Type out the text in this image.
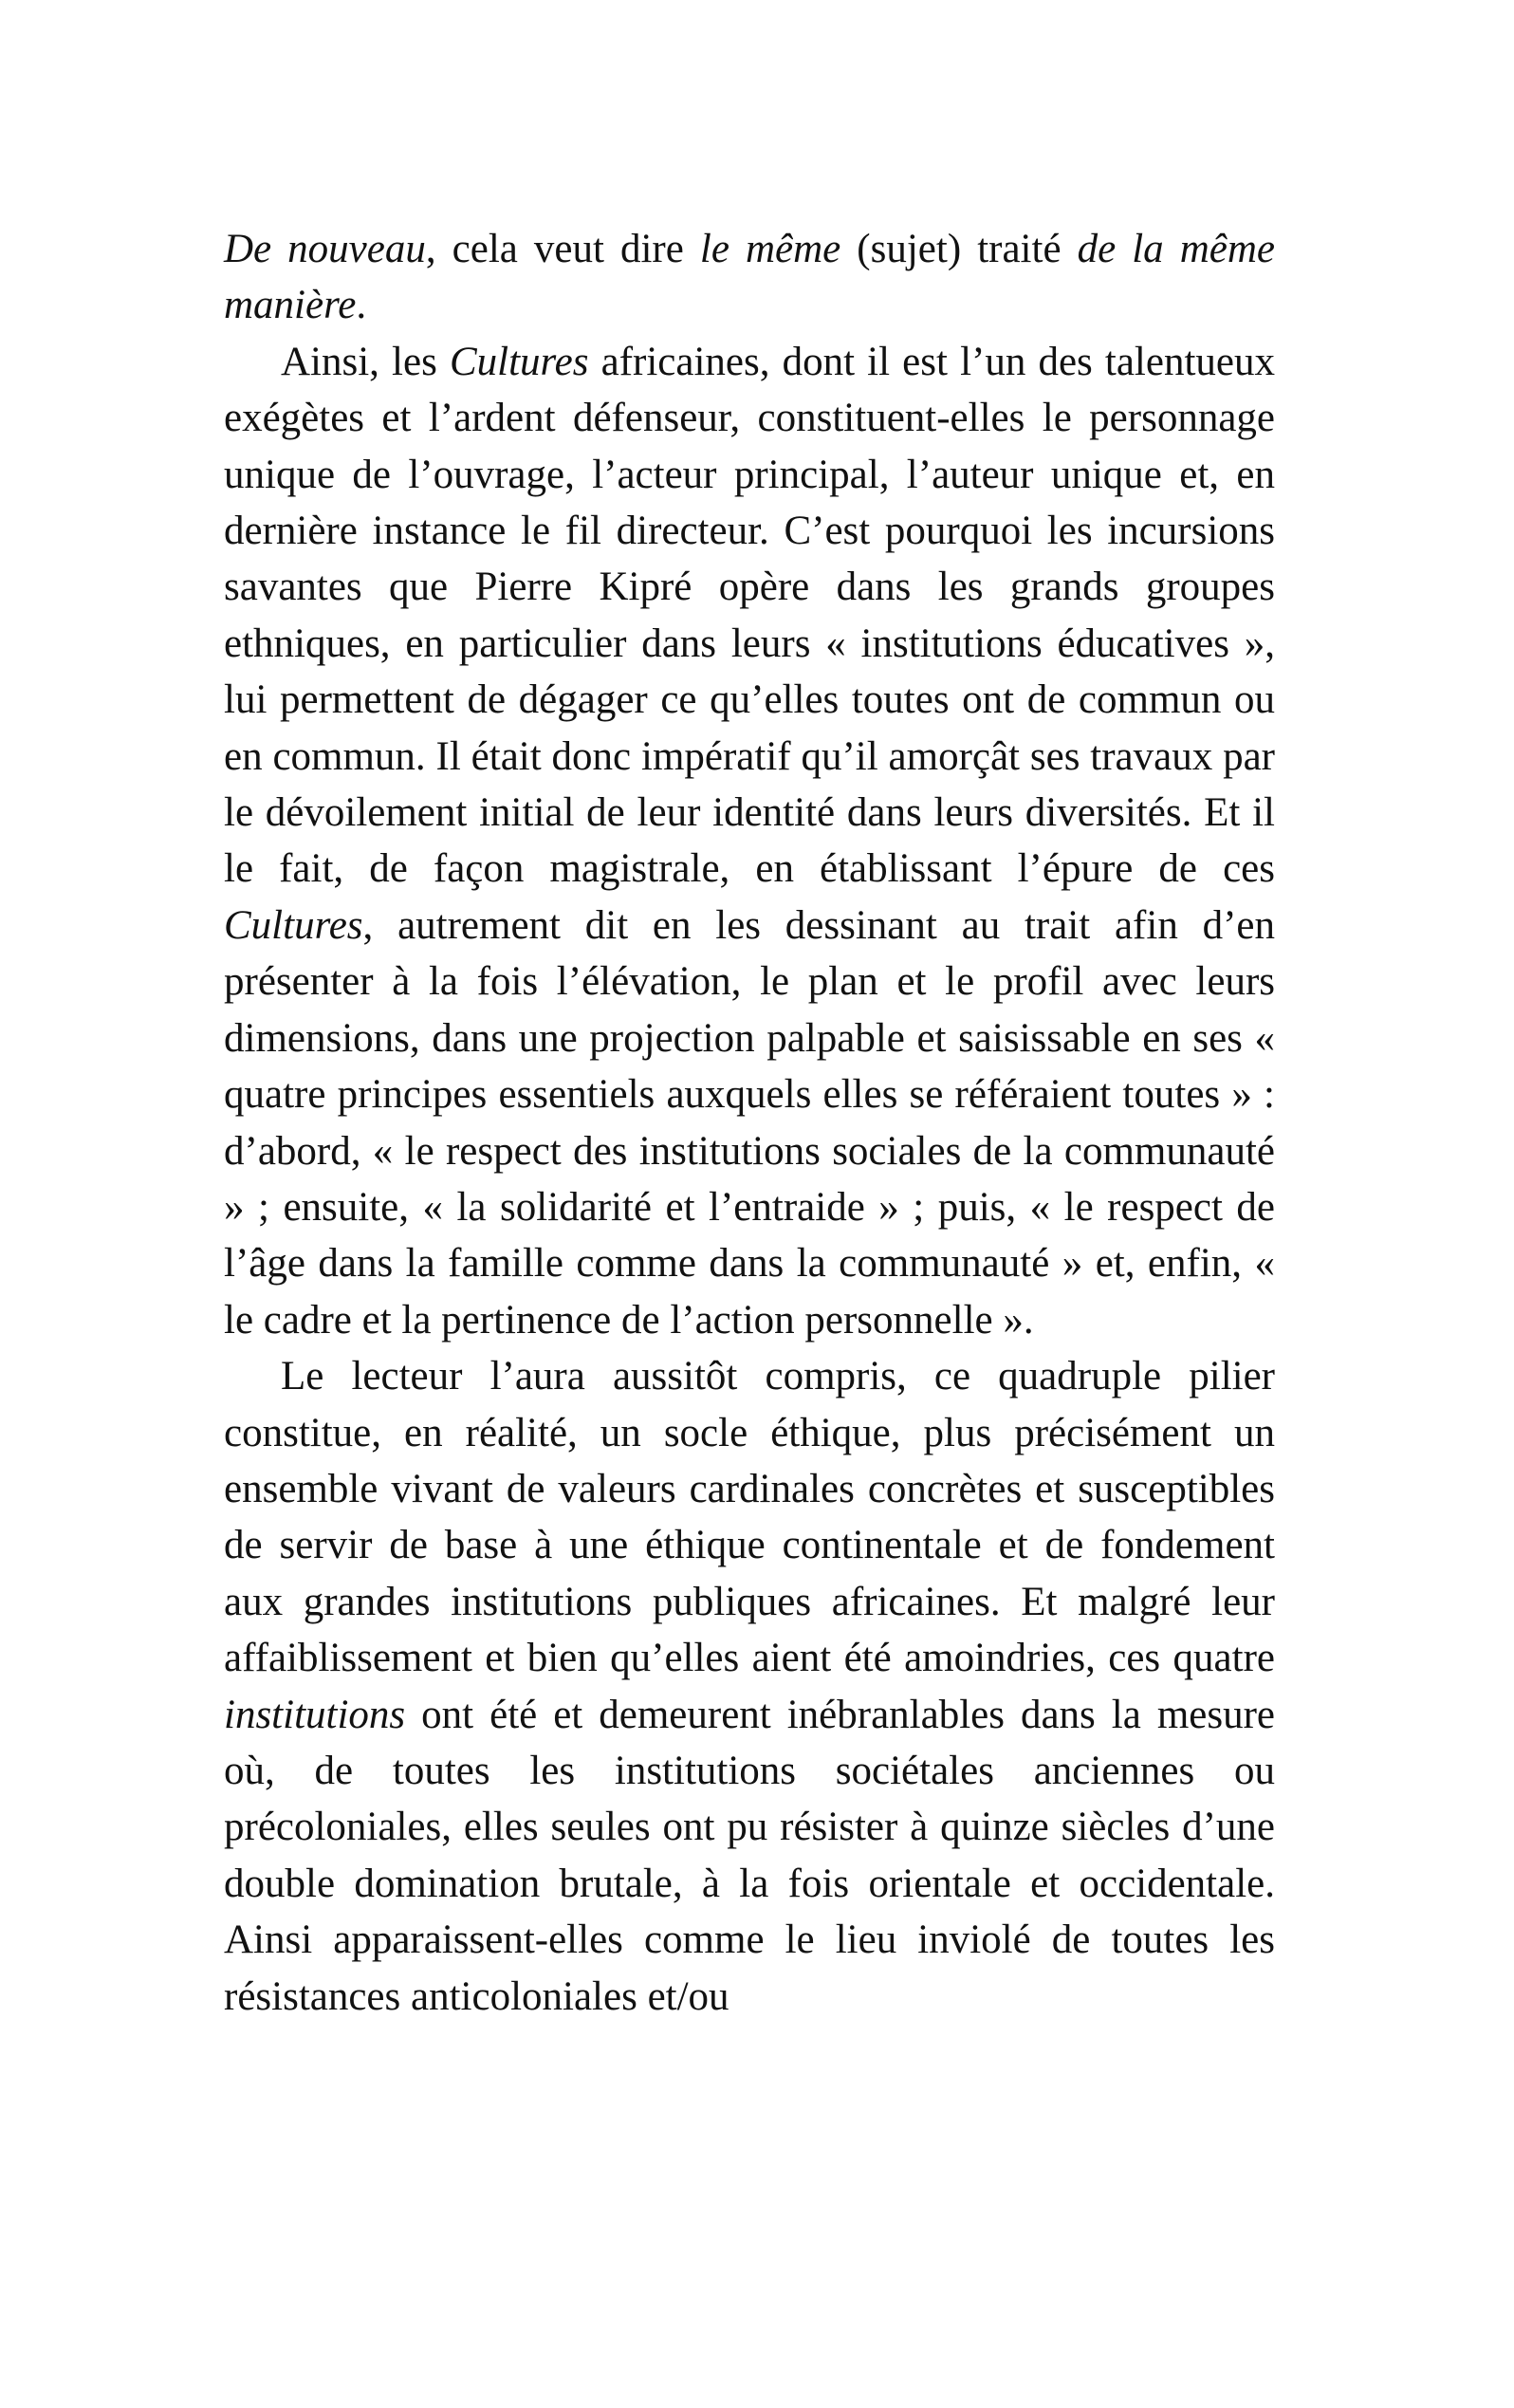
De nouveau, cela veut dire le même (sujet) traité de la même manière.

Ainsi, les Cultures africaines, dont il est l’un des talentueux exégètes et l’ardent défenseur, constituent-elles le personnage unique de l’ouvrage, l’acteur principal, l’auteur unique et, en dernière instance le fil directeur. C’est pourquoi les incursions savantes que Pierre Kipré opère dans les grands groupes ethniques, en particulier dans leurs « institutions éducatives », lui permettent de dégager ce qu’elles toutes ont de commun ou en commun. Il était donc impératif qu’il amorçât ses travaux par le dévoilement initial de leur identité dans leurs diversités. Et il le fait, de façon magistrale, en établissant l’épure de ces Cultures, autrement dit en les dessinant au trait afin d’en présenter à la fois l’élévation, le plan et le profil avec leurs dimensions, dans une projection palpable et saisissable en ses « quatre principes essentiels auxquels elles se référaient toutes » : d’abord, « le respect des institutions sociales de la communauté » ; ensuite, « la solidarité et l’entraide » ; puis, « le respect de l’âge dans la famille comme dans la communauté » et, enfin, « le cadre et la pertinence de l’action personnelle ».

Le lecteur l’aura aussitôt compris, ce quadruple pilier constitue, en réalité, un socle éthique, plus précisément un ensemble vivant de valeurs cardinales concrètes et susceptibles de servir de base à une éthique continentale et de fondement aux grandes institutions publiques africaines. Et malgré leur affaiblissement et bien qu’elles aient été amoindries, ces quatre institutions ont été et demeurent inébranlables dans la mesure où, de toutes les institutions sociétales anciennes ou précoloniales, elles seules ont pu résister à quinze siècles d’une double domination brutale, à la fois orientale et occidentale. Ainsi apparaissent-elles comme le lieu inviolé de toutes les résistances anticoloniales et/ou
